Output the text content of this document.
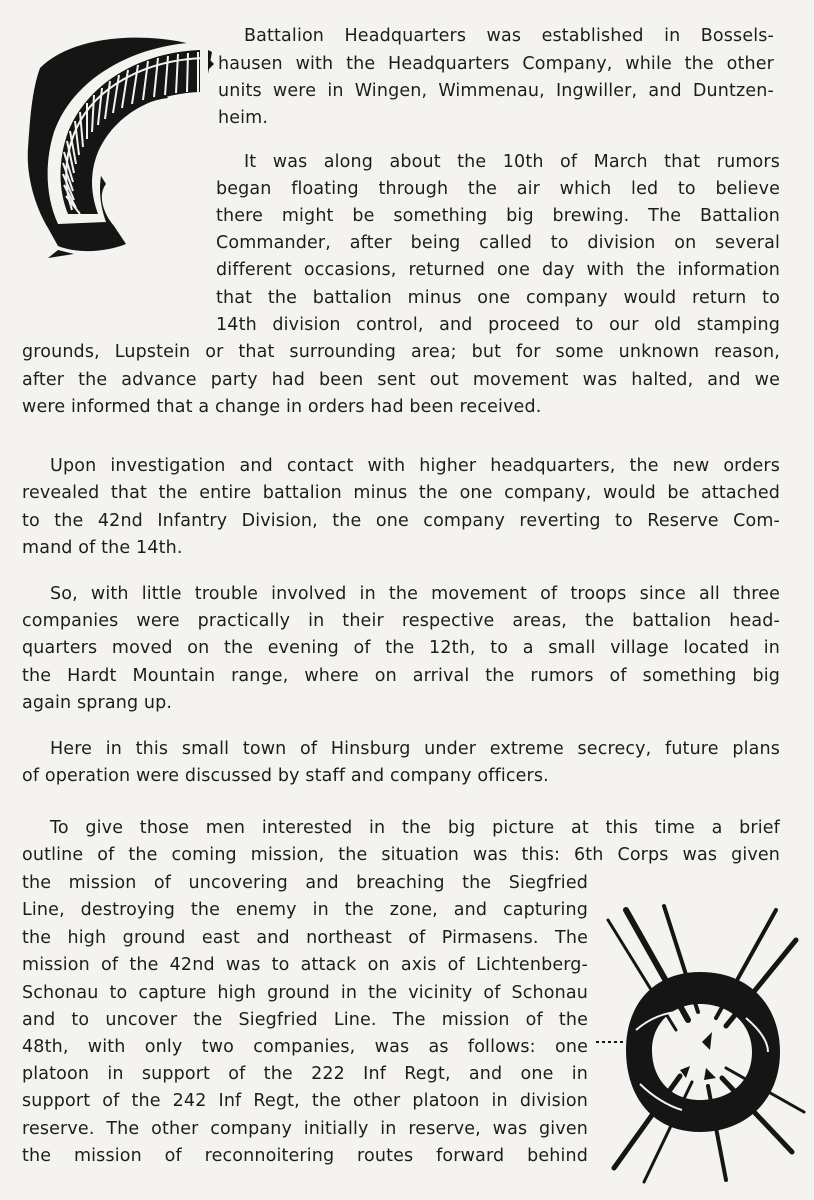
Battalion Headquarters was established in Bossels-
hausen with the Headquarters Company, while the other
units were in Wingen, Wimmenau, Ingwiller, and Duntzen-
heim.
It was along about the 10th of March that rumors
began floating through the air which led to believe
there might be something big brewing. The Battalion
Commander, after being called to division on several
different occasions, returned one day with the information
that the battalion minus one company would return to
14th division control, and proceed to our old stamping
grounds, Lupstein or that surrounding area; but for some unknown reason,
after the advance party had been sent out movement was halted, and we
were informed that a change in orders had been received.
Upon investigation and contact with higher headquarters, the new orders
revealed that the entire battalion minus the one company, would be attached
to the 42nd Infantry Division, the one company reverting to Reserve Com-
mand of the 14th.
So, with little trouble involved in the movement of troops since all three
companies were practically in their respective areas, the battalion head-
quarters moved on the evening of the 12th, to a small village located in
the Hardt Mountain range, where on arrival the rumors of something big
again sprang up.
Here in this small town of Hinsburg under extreme secrecy, future plans
of operation were discussed by staff and company officers.
To give those men interested in the big picture at this time a brief
outline of the coming mission, the situation was this: 6th Corps was given
the mission of uncovering and breaching the Siegfried
Line, destroying the enemy in the zone, and capturing
the high ground east and northeast of Pirmasens. The
mission of the 42nd was to attack on axis of Lichtenberg-
Schonau to capture high ground in the vicinity of Schonau
and to uncover the Siegfried Line. The mission of the
48th, with only two companies, was as follows: one
platoon in support of the 222 Inf Regt, and one in
support of the 242 Inf Regt, the other platoon in division
reserve. The other company initially in reserve, was given
the mission of reconnoitering routes forward behind
